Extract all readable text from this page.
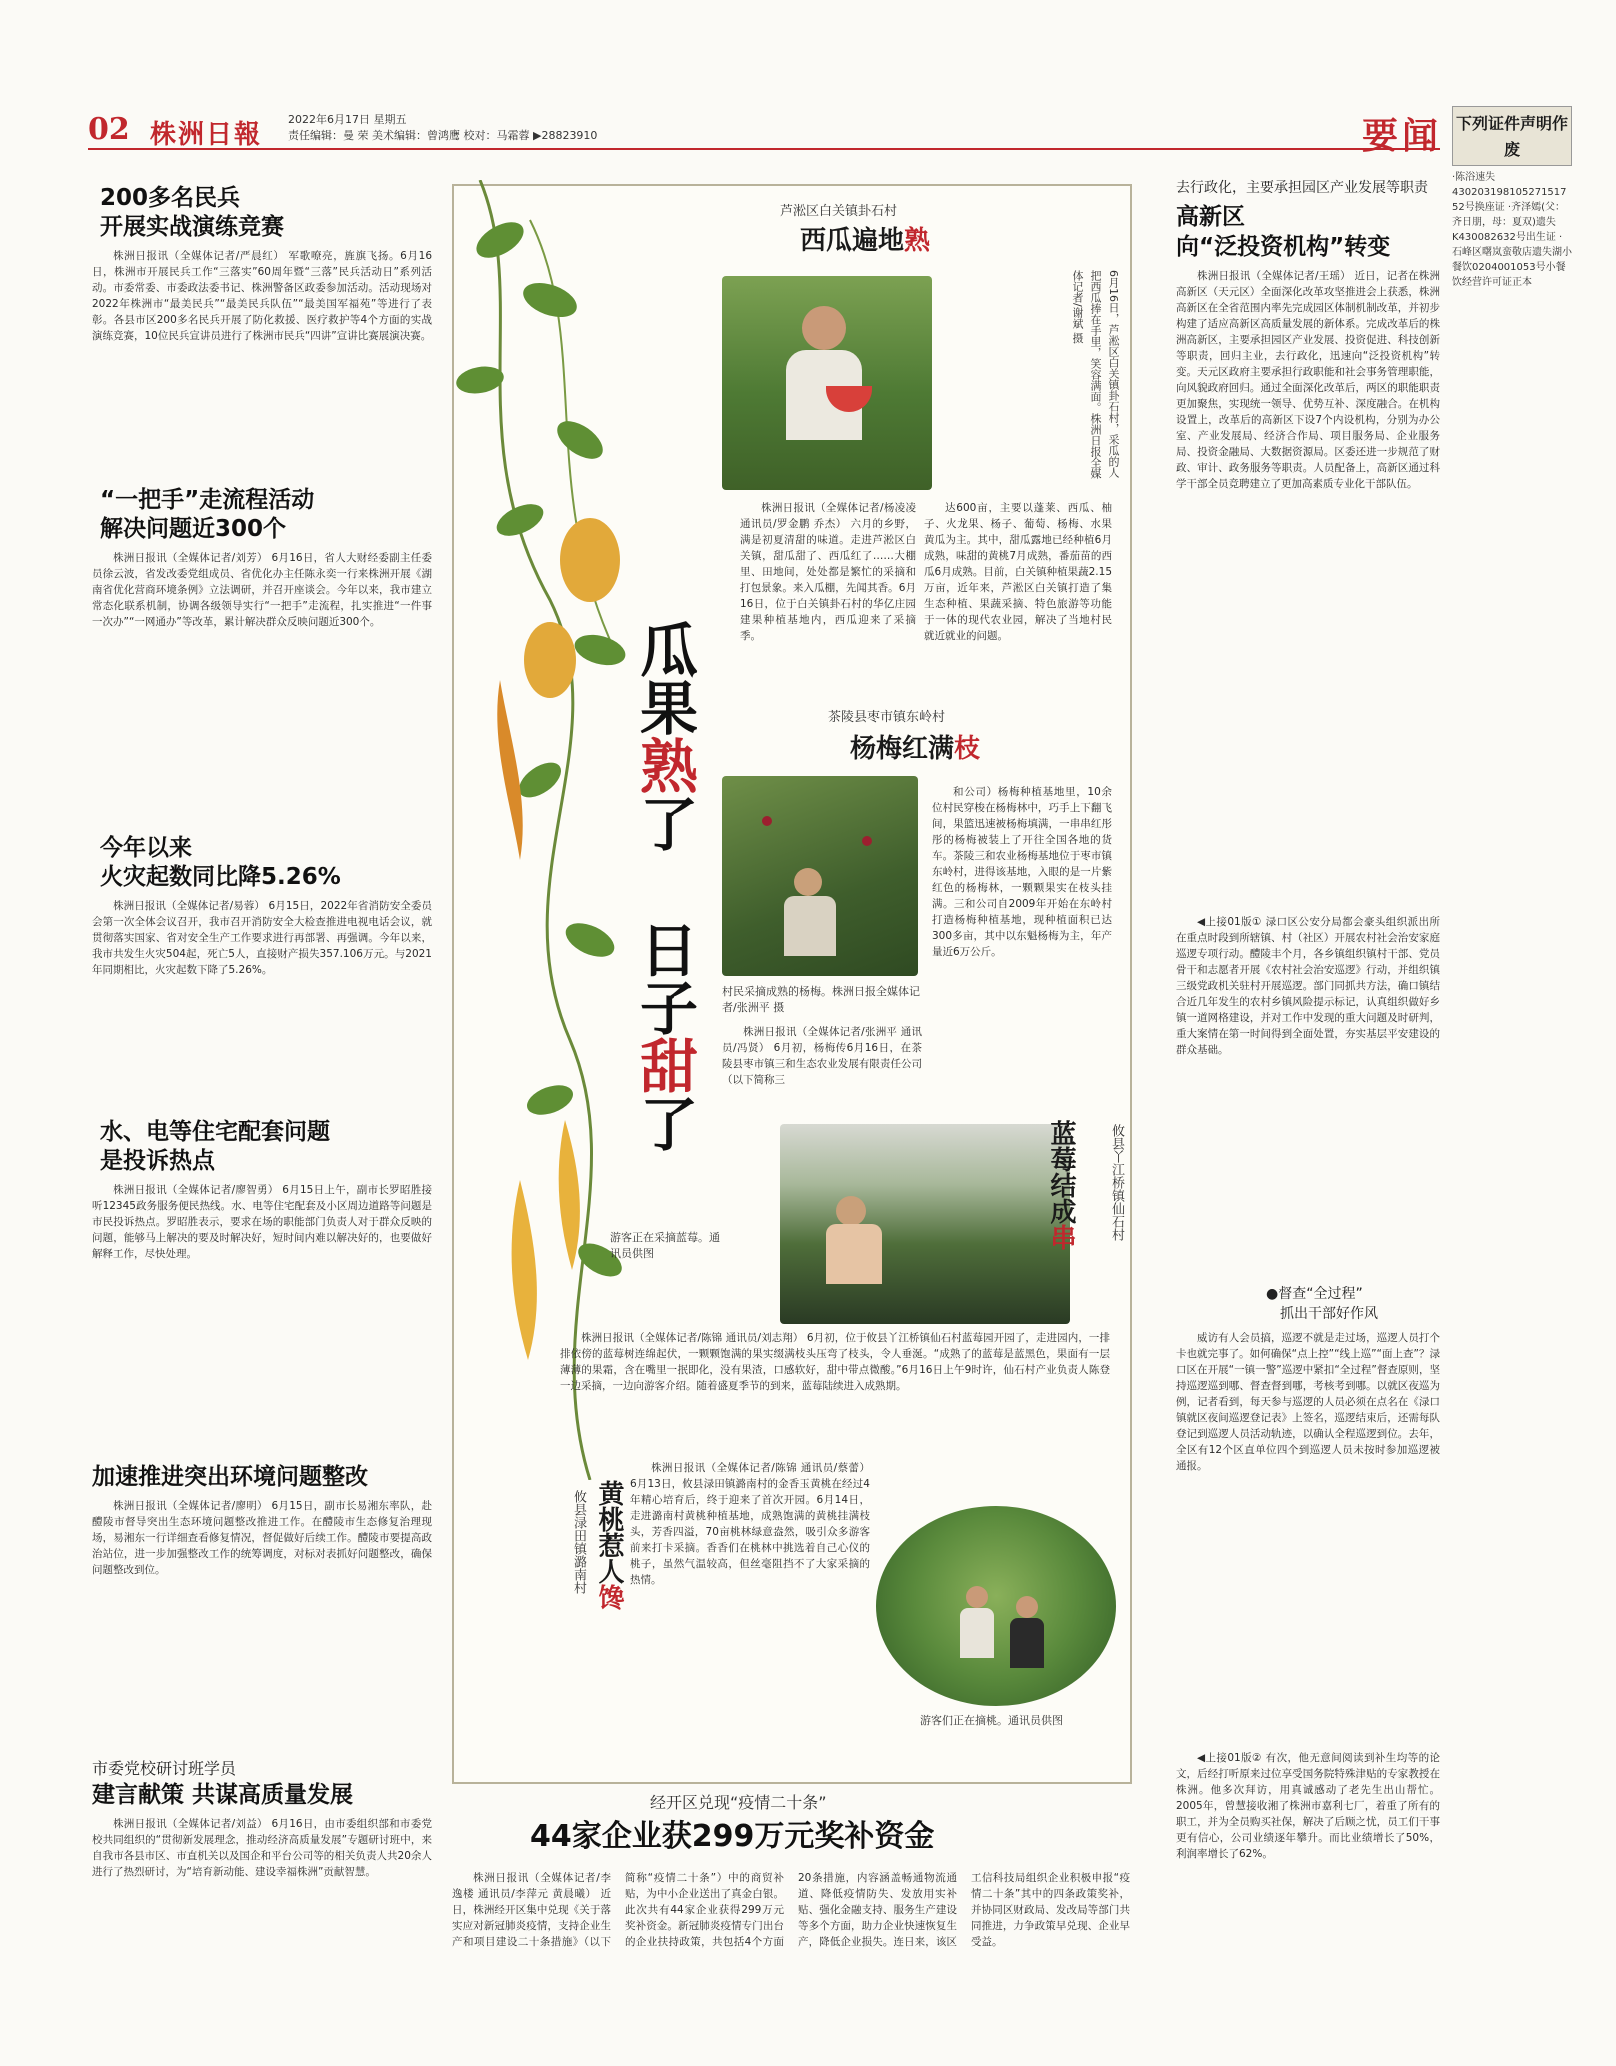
02 株洲日報
2022年6月17日 星期五
责任编辑：曼 荣 美术编辑：曾鸿鹰 校对：马霜蓉 ▶28823910	要闻 下列证件声明作废
·陈浴速失430203198105271517 52号换座证 ·齐泽嫣(父：齐日朋，母：夏双)遗失K430082632号出生证 ·石峰区曙岚蛮敬店遗失湖小餐饮0204001053号小餐饮经营许可证正本
200多名民兵
开展实战演练竞赛

株洲日报讯（全媒体记者/严晨红） 军歌嘹亮，旌旗飞扬。6月16日，株洲市开展民兵工作“三落实”60周年暨“三落”民兵活动日”系列活动。市委常委、市委政法委书记、株洲警备区政委参加活动。活动现场对2022年株洲市“最美民兵”“最美民兵队伍”“最美国军福苑”等进行了表彰。各县市区200多名民兵开展了防化救援、医疗救护等4个方面的实战演练竞赛，10位民兵宣讲员进行了株洲市民兵“四讲”宣讲比赛展演决赛。

“一把手”走流程活动
解决问题近300个

株洲日报讯（全媒体记者/刘芳） 6月16日，省人大财经委副主任委员徐云波，省发改委党组成员、省优化办主任陈永奕一行来株洲开展《湖南省优化营商环境条例》立法调研，并召开座谈会。今年以来，我市建立常态化联系机制，协调各级领导实行“一把手”走流程，扎实推进“一件事一次办”“一网通办”等改革，累计解决群众反映问题近300个。

今年以来
火灾起数同比降5.26%

株洲日报讯（全媒体记者/易蓉） 6月15日，2022年省消防安全委员会第一次全体会议召开，我市召开消防安全大检查推进电视电话会议，就贯彻落实国家、省对安全生产工作要求进行再部署、再强调。今年以来，我市共发生火灾504起，死亡5人，直接财产损失357.106万元。与2021年同期相比，火灾起数下降了5.26%。

水、电等住宅配套问题
是投诉热点

株洲日报讯（全媒体记者/廖智勇） 6月15日上午，副市长罗昭胜接听12345政务服务便民热线。水、电等住宅配套及小区周边道路等问题是市民投诉热点。罗昭胜表示，要求在场的职能部门负责人对于群众反映的问题，能够马上解决的要及时解决好，短时间内难以解决好的，也要做好解释工作，尽快处理。

加速推进突出环境问题整改

株洲日报讯（全媒体记者/廖明） 6月15日，副市长易湘东率队，赴醴陵市督导突出生态环境问题整改推进工作。在醴陵市生态修复治理现场，易湘东一行详细查看修复情况，督促做好后续工作。醴陵市要提高政治站位，进一步加强整改工作的统筹调度，对标对表抓好问题整改，确保问题整改到位。

市委党校研讨班学员
建言献策 共谋高质量发展

株洲日报讯（全媒体记者/刘益） 6月16日，由市委组织部和市委党校共同组织的“贯彻新发展理念，推动经济高质量发展”专题研讨班中，来自我市各县市区、市直机关以及国企和平台公司等的相关负责人共20余人进行了热烈研讨，为“培育新动能、建设幸福株洲”贡献智慧。

芦淞区白关镇卦石村
西瓜遍地熟
6月16日，芦淞区白关镇卦石村，采瓜的人把西瓜捧在手里，笑容满面。株洲日报全媒体记者/谢斌 摄

株洲日报讯（全媒体记者/杨凌凌 通讯员/罗金鹏 乔杰） 六月的乡野，满是初夏清甜的味道。走进芦淞区白关镇，甜瓜甜了、西瓜红了……大棚里、田地间，处处都是繁忙的采摘和打包景象。来入瓜棚，先闻其香。6月16日，位于白关镇卦石村的华亿庄园建果种植基地内，西瓜迎来了采摘季。

达600亩，主要以蓬莱、西瓜、柚子、火龙果、杨子、葡萄、杨梅、水果黄瓜为主。其中，甜瓜露地已经种植6月成熟，味甜的黄桃7月成熟，番茄苗的西瓜6月成熟。目前，白关镇种植果蔬2.15万亩，近年来，芦淞区白关镇打造了集生态种植、果蔬采摘、特色旅游等功能于一体的现代农业园，解决了当地村民就近就业的问题。

瓜果熟了
日子甜了
茶陵县枣市镇东岭村
杨梅红满枝
村民采摘成熟的杨梅。株洲日报全媒体记者/张洲平 摄

株洲日报讯（全媒体记者/张洲平 通讯员/冯贤） 6月初，杨梅传6月16日，在茶陵县枣市镇三和生态农业发展有限责任公司（以下简称三

和公司）杨梅种植基地里，10余位村民穿梭在杨梅林中，巧手上下翻飞间，果篮迅速被杨梅填满，一串串红彤彤的杨梅被装上了开往全国各地的货车。茶陵三和农业杨梅基地位于枣市镇东岭村，进得该基地，入眼的是一片紫红色的杨梅林，一颗颗果实在枝头挂满。三和公司自2009年开始在东岭村打造杨梅种植基地，现种植面积已达300多亩，其中以东魁杨梅为主，年产量近6万公斤。

攸县丫江桥镇仙石村
蓝莓结成串
游客正在采摘蓝莓。通讯员供图

株洲日报讯（全媒体记者/陈锦 通讯员/刘志翔） 6月初，位于攸县丫江桥镇仙石村蓝莓园开园了，走进园内，一排排依傍的蓝莓树连绵起伏，一颗颗饱满的果实缀满枝头压弯了枝头，令人垂涎。“成熟了的蓝莓是蓝黑色，果面有一层薄薄的果霜，含在嘴里一抿即化，没有果渣，口感软好，甜中带点微酸。”6月16日上午9时许，仙石村产业负责人陈登一边采摘，一边向游客介绍。随着盛夏季节的到来，蓝莓陆续进入成熟期。

攸县渌田镇潞南村 黄桃惹人馋

株洲日报讯（全媒体记者/陈锦 通讯员/蔡蕾） 6月13日，攸县渌田镇潞南村的金香玉黄桃在经过4年精心培育后，终于迎来了首次开园。6月14日，走进潞南村黄桃种植基地，成熟饱满的黄桃挂满枝头，芳香四溢，70亩桃林绿意盎然，吸引众多游客前来打卡采摘。香香们在桃林中挑选着自己心仪的桃子，虽然气温较高，但丝毫阻挡不了大家采摘的热情。

游客们正在摘桃。通讯员供图
去行政化，主要承担园区产业发展等职责
高新区
向“泛投资机构”转变

株洲日报讯（全媒体记者/王瑶） 近日，记者在株洲高新区（天元区）全面深化改革攻坚推进会上获悉，株洲高新区在全省范围内率先完成园区体制机制改革，并初步构建了适应高新区高质量发展的新体系。完成改革后的株洲高新区，主要承担园区产业发展、投资促进、科技创新等职责，回归主业，去行政化，迅速向“泛投资机构”转变。天元区政府主要承担行政职能和社会事务管理职能，向风貌政府回归。通过全面深化改革后，两区的职能职责更加聚焦，实现统一领导、优势互补、深度融合。在机构设置上，改革后的高新区下设7个内设机构，分别为办公室、产业发展局、经济合作局、项目服务局、企业服务局、投资金融局、大数据资源局。区委还进一步规范了财政、审计、政务服务等职责。人员配备上，高新区通过科学干部全员竞聘建立了更加高素质专业化干部队伍。

◀上接01版① 渌口区公安分局都会豪头组织派出所在重点时段到所辖镇、村（社区）开展农村社会治安家庭巡逻专项行动。醴陵丰个月，各乡镇组织镇村干部、党员骨干和志愿者开展《农村社会治安巡逻》行动，并组织镇三级党政机关驻村开展巡逻。部门同抓共方法，确口镇结合近几年发生的农村乡镇风险提示标记，认真组织做好乡镇一道网格建设，并对工作中发现的重大问题及时研判，重大案情在第一时间得到全面处置，夯实基层平安建设的群众基础。

●督查“全过程”
抓出干部好作风

威访有人会员搞，巡逻不就是走过场，巡逻人员打个卡也就完事了。如何确保“点上控”“线上巡”“面上查”？渌口区在开展“一镇一警”巡逻中紧扣“全过程”督查原则，坚持巡逻巡到哪、督查督到哪，考核考到哪。以就区夜巡为例，记者看到，每天参与巡逻的人员必须在点名在《渌口镇就区夜间巡逻登记表》上签名，巡逻结束后，还需每队登记到巡逻人员活动轨迹，以确认全程巡逻到位。去年，全区有12个区直单位四个到巡逻人员未按时参加巡逻被通报。

◀上接01版② 有次，他无意间阅读到补生均等的论文，后经打听原来过位享受国务院特殊津贴的专家教授在株洲。他多次拜访，用真诚感动了老先生出山帮忙。2005年，曾慧接收湘了株洲市嘉利七厂，着重了所有的职工，并为全员购买社保，解决了后顾之忧，员工们干事更有信心，公司业绩逐年攀升。而比业绩增长了50%，利润率增长了62%。

经开区兑现“疫情二十条”
44家企业获299万元奖补资金

株洲日报讯（全媒体记者/李逸楼 通讯员/李萍元 黄晨曦） 近日，株洲经开区集中兑现《关于落实应对新冠肺炎疫情，支持企业生产和项目建设二十条措施》（以下简称“疫情二十条”）中的商贸补贴，为中小企业送出了真金白银。此次共有44家企业获得299万元奖补资金。新冠肺炎疫情专门出台的企业扶持政策，共包括4个方面20条措施，内容涵盖畅通物流通道、降低疫情防失、发放用实补贴、强化金融支持、服务生产建设等多个方面，助力企业快速恢复生产，降低企业损失。连日来，该区工信科技局组织企业积极申报“疫情二十条”其中的四条政策奖补，并协同区财政局、发改局等部门共同推进，力争政策早兑现、企业早受益。
